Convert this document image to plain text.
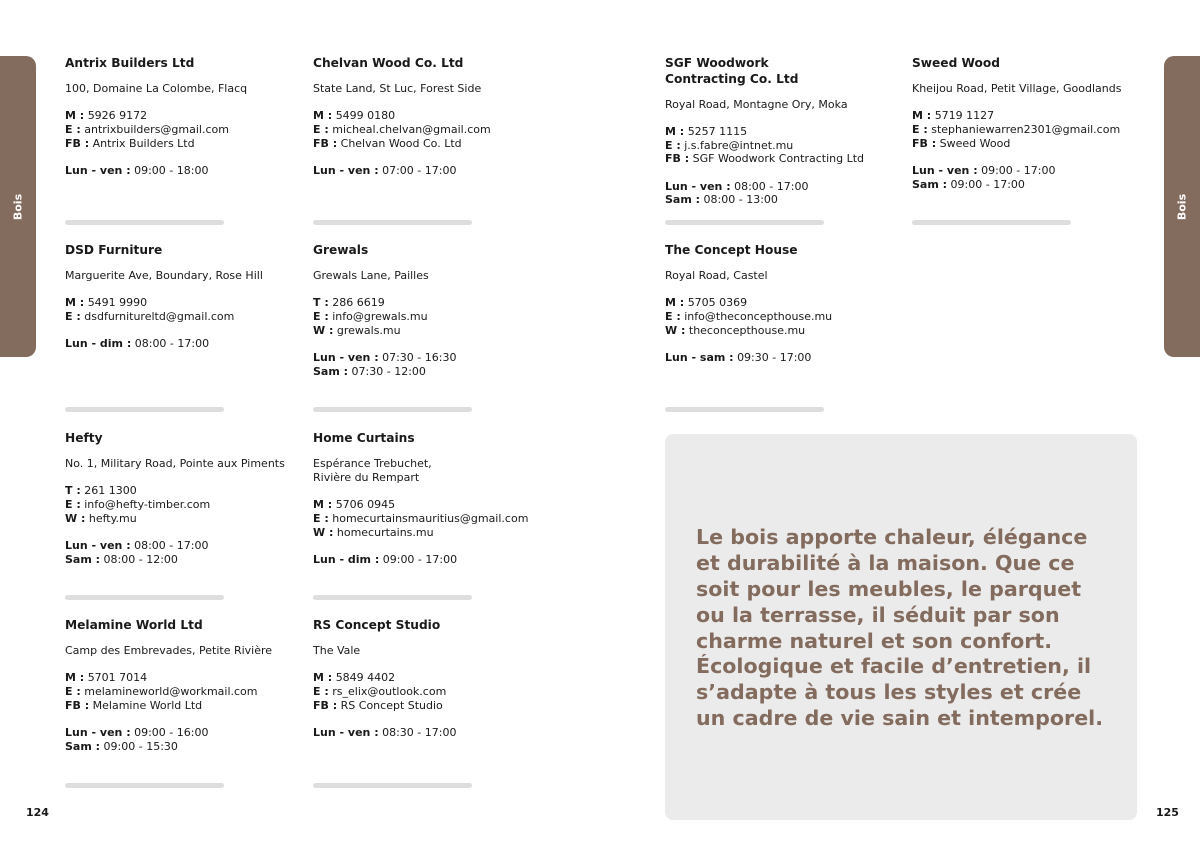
Bois	Bois
Antrix Builders Ltd
100, Domaine La Colombe, Flacq
M : 5926 9172
E : antrixbuilders@gmail.com
FB : Antrix Builders Ltd
Lun - ven : 09:00 - 18:00
Chelvan Wood Co. Ltd
State Land, St Luc, Forest Side
M : 5499 0180
E : micheal.chelvan@gmail.com
FB : Chelvan Wood Co. Ltd
Lun - ven : 07:00 - 17:00
SGF Woodwork
Contracting Co. Ltd
Royal Road, Montagne Ory, Moka
M : 5257 1115
E : j.s.fabre@intnet.mu
FB : SGF Woodwork Contracting Ltd
Lun - ven : 08:00 - 17:00
Sam : 08:00 - 13:00
Sweed Wood
Kheijou Road, Petit Village, Goodlands
M : 5719 1127
E : stephaniewarren2301@gmail.com
FB : Sweed Wood
Lun - ven : 09:00 - 17:00
Sam : 09:00 - 17:00
DSD Furniture
Marguerite Ave, Boundary, Rose Hill
M : 5491 9990
E : dsdfurnitureltd@gmail.com
Lun - dim : 08:00 - 17:00
Grewals
Grewals Lane, Pailles
T : 286 6619
E : info@grewals.mu
W : grewals.mu
Lun - ven : 07:30 - 16:30
Sam : 07:30 - 12:00
The Concept House
Royal Road, Castel
M : 5705 0369
E : info@theconcepthouse.mu
W : theconcepthouse.mu
Lun - sam : 09:30 - 17:00
Hefty
No. 1, Military Road, Pointe aux Piments
T : 261 1300
E : info@hefty-timber.com
W : hefty.mu
Lun - ven : 08:00 - 17:00
Sam : 08:00 - 12:00
Home Curtains
Espérance Trebuchet,
Rivière du Rempart
M : 5706 0945
E : homecurtainsmauritius@gmail.com
W : homecurtains.mu
Lun - dim : 09:00 - 17:00
Melamine World Ltd
Camp des Embrevades, Petite Rivière
M : 5701 7014
E : melamineworld@workmail.com
FB : Melamine World Ltd
Lun - ven : 09:00 - 16:00
Sam : 09:00 - 15:30
RS Concept Studio
The Vale
M : 5849 4402
E : rs_elix@outlook.com
FB : RS Concept Studio
Lun - ven : 08:30 - 17:00
Le bois apporte chaleur, élégance et durabilité à la maison. Que ce soit pour les meubles, le parquet ou la terrasse, il séduit par son charme naturel et son confort. Écologique et facile d’entretien, il s’adapte à tous les styles et crée un cadre de vie sain et intemporel.
124	125
